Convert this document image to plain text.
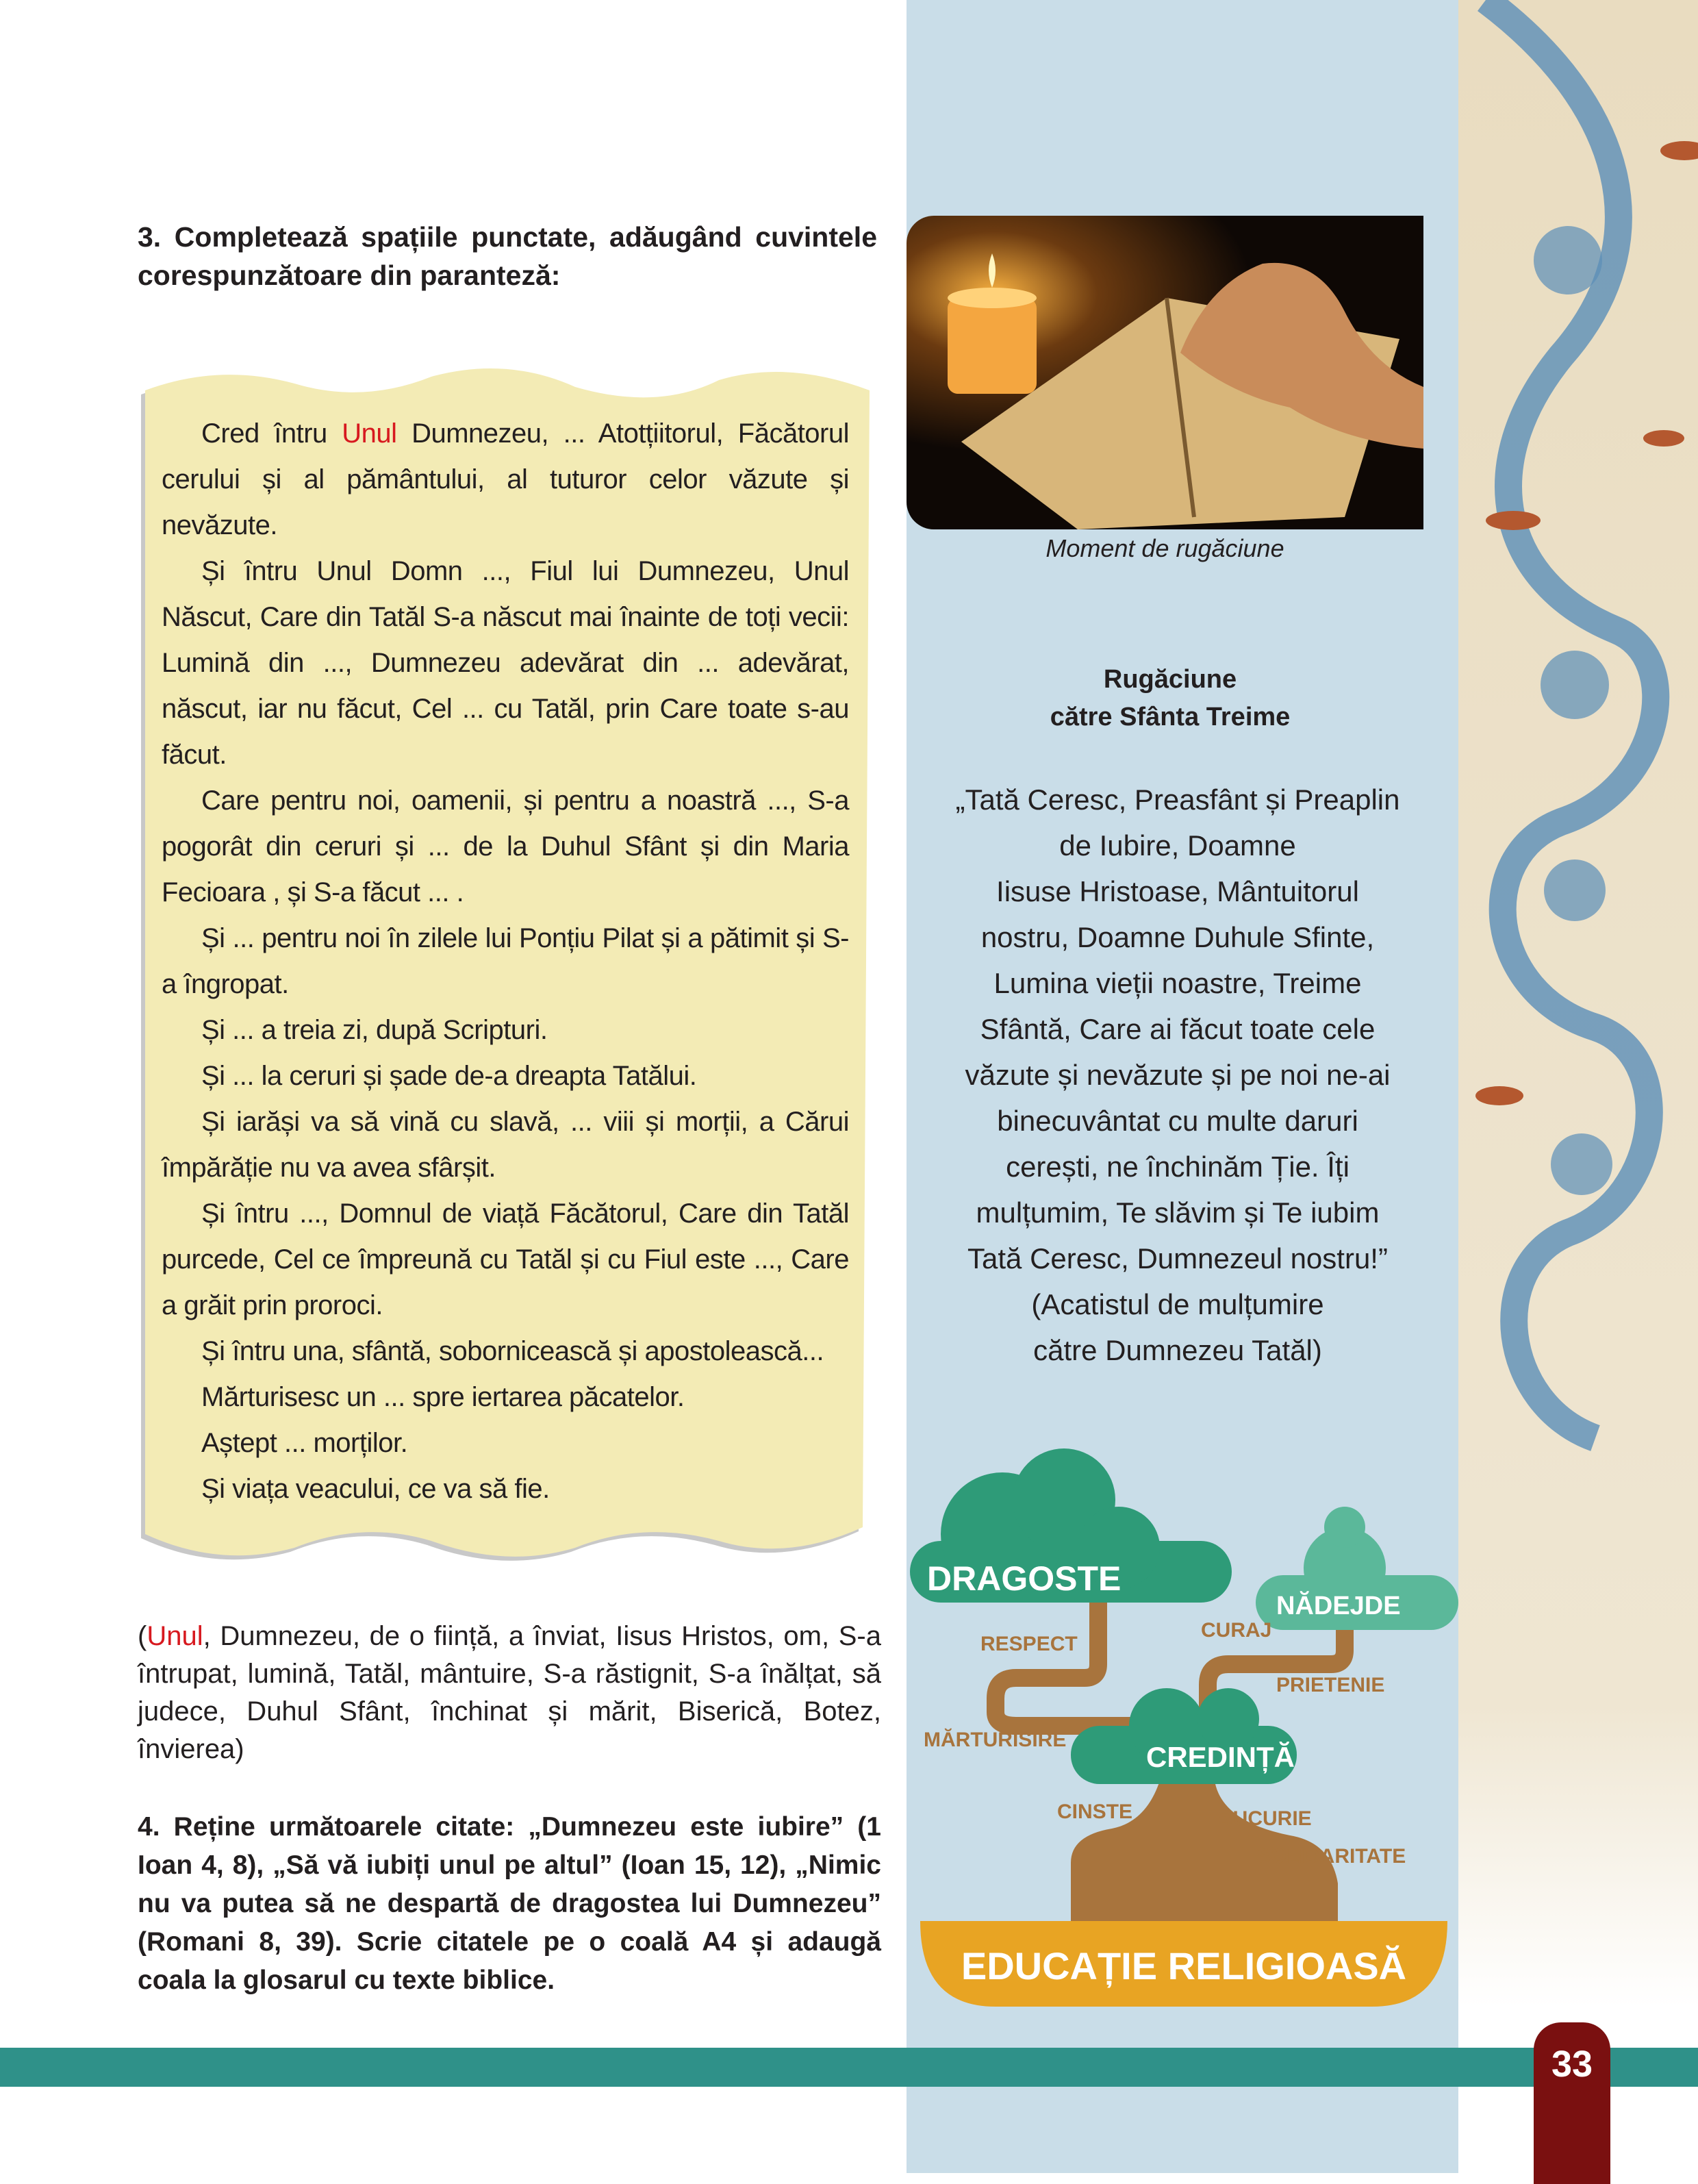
3. Completează spațiile punctate, adăugând cuvintele corespunzătoare din paranteză:

Cred întru Unul Dumnezeu, ... Atotțiitorul, Făcătorul cerului și al pământului, al tuturor celor văzute și nevăzute.

Și întru Unul Domn ..., Fiul lui Dumnezeu, Unul Născut, Care din Tatăl S-a născut mai înainte de toți vecii: Lumină din ..., Dumnezeu adevărat din ... adevărat, născut, iar nu făcut, Cel ... cu Tatăl, prin Care toate s-au făcut.

Care pentru noi, oamenii, și pentru a noastră ..., S-a pogorât din ceruri și ... de la Duhul Sfânt și din Maria Fecioara , și S-a făcut ... .

Și ... pentru noi în zilele lui Ponțiu Pilat și a pătimit și S-a îngropat.

Și ... a treia zi, după Scripturi.

Și ... la ceruri și șade de-a dreapta Tatălui.

Și iarăși va să vină cu slavă, ... viii și morții, a Cărui împărăție nu va avea sfârșit.

Și întru ..., Domnul de viață Făcătorul, Care din Tatăl purcede, Cel ce împreună cu Tatăl și cu Fiul este ..., Care a grăit prin proroci.

Și întru una, sfântă, sobornicească și apostolească...

Mărturisesc un ... spre iertarea păcatelor.

Aștept ... morților.

Și viața veacului, ce va să fie.

(Unul, Dumnezeu, de o ființă, a înviat, Iisus Hristos, om, S-a întrupat, lumină, Tatăl, mântuire, S-a răstignit, S-a înălțat, să judece, Duhul Sfânt, închinat și mărit, Biserică, Botez, învierea)
4. Reține următoarele citate: „Dumnezeu este iubire” (1 Ioan 4, 8), „Să vă iubiți unul pe altul” (Ioan 15, 12), „Nimic nu va putea să ne despartă de dragostea lui Dumnezeu” (Romani 8, 39). Scrie citatele pe o coală A4 și adaugă coala la glosarul cu texte biblice.
Moment de rugăciune
Rugăciune
către Sfânta Treime
„Tată Ceresc, Preasfânt și Preaplin
de Iubire, Doamne
Iisuse Hristoase, Mântuitorul
nostru, Doamne Duhule Sfinte,
Lumina vieții noastre, Treime
Sfântă, Care ai făcut toate cele
văzute și nevăzute și pe noi ne-ai
binecuvântat cu multe daruri
cerești, ne închinăm Ție. Îți
mulțumim, Te slăvim și Te iubim
Tată Ceresc, Dumnezeul nostru!”
(Acatistul de mulțumire
către Dumnezeu Tatăl)
DRAGOSTE
NĂDEJDE
CREDINȚĂ
RESPECT
CURAJ
PRIETENIE
MĂRTURISIRE
CINSTE	BUCURIE
SOLIDARITATE
EDUCAȚIE RELIGIOASĂ
33
